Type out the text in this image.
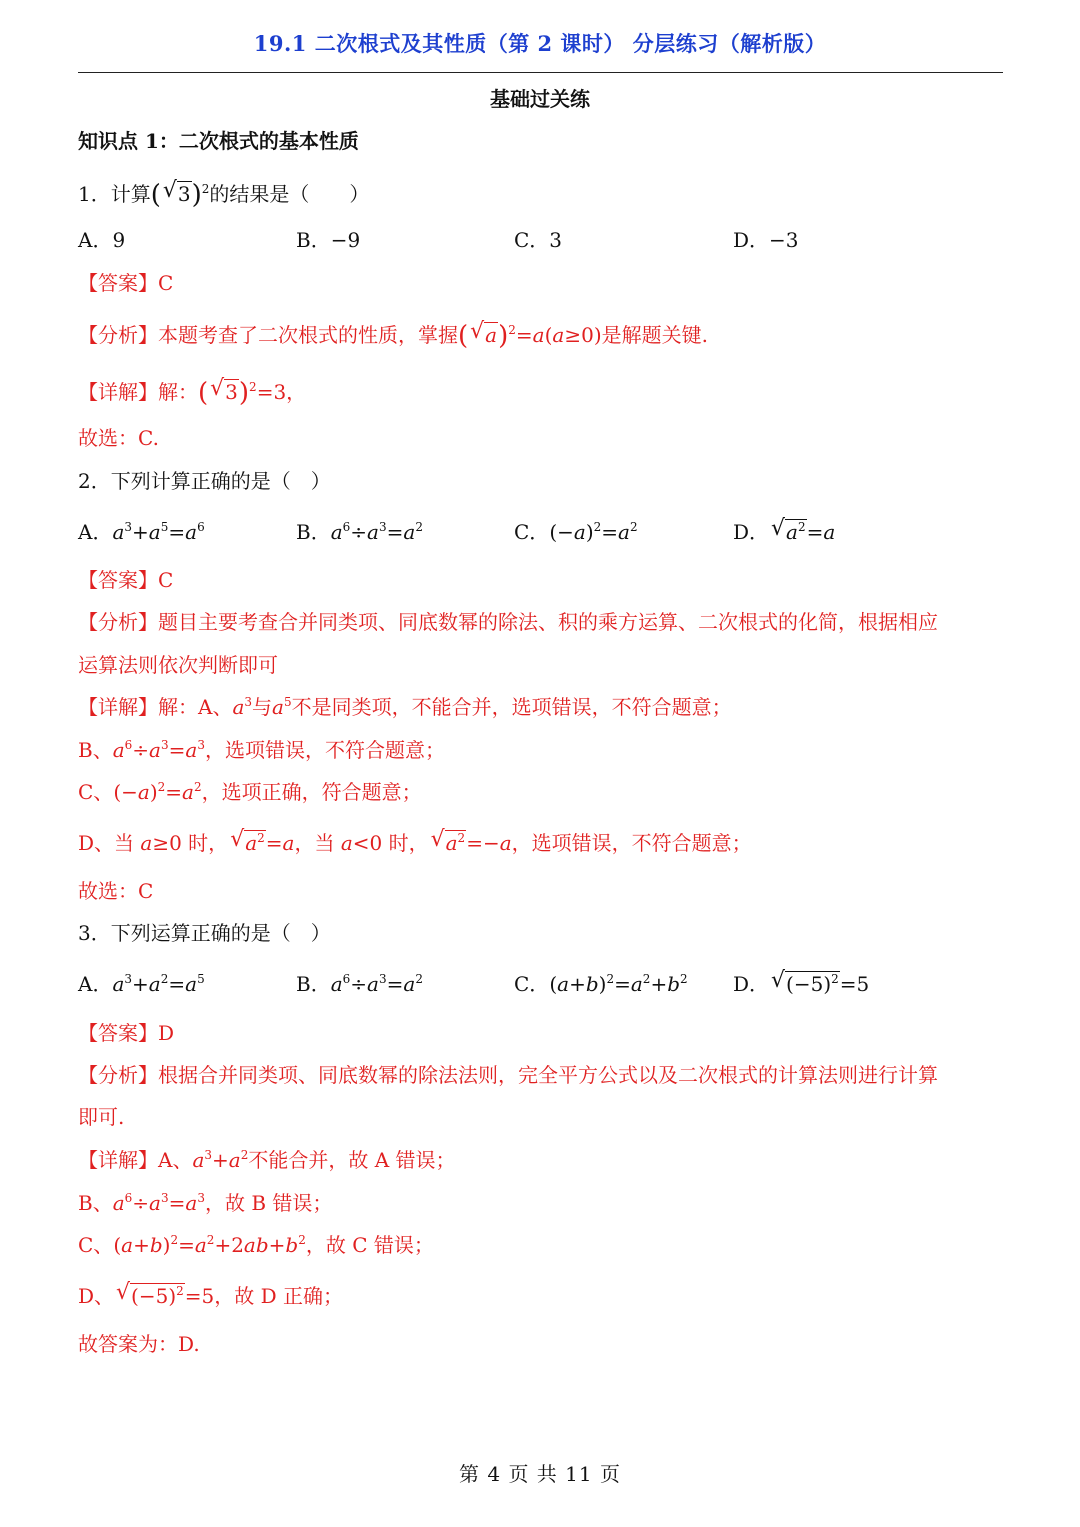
19.1 二次根式及其性质（第 2 课时） 分层练习（解析版）
基础过关练
知识点 1：二次根式的基本性质
1．计算( √ 3)$^2$的结果是（　　）
A．9	B．−9	C．3	D．−3
【答案】C
【分析】本题考查了二次根式的性质，掌握( √ a)$^2$=a(a≥0)是解题关键.
【详解】解：( √ 3)$^2$=3，
故选：C.
2．下列计算正确的是（　）
A．$a^3+a^5=a^6$	B．$a^6\div a^3=a^2$	C．$(-a)^2=a^2$	D． √ $a^2=a$
【答案】C
【分析】题目主要考查合并同类项、同底数幂的除法、积的乘方运算、二次根式的化简，根据相应
运算法则依次判断即可
【详解】解：A、$a^3$与$a^5$不是同类项，不能合并，选项错误，不符合题意；
B、$a^6\div a^3=a^3$，选项错误，不符合题意；
C、$(-a)^2=a^2$，选项正确，符合题意；
D、当 a≥0 时， √ $a^2=a$，当 a<0 时， √ $a^2=-a$，选项错误，不符合题意；
故选：C
3．下列运算正确的是（　）
A．$a^3+a^2=a^5$	B．$a^6\div a^3=a^2$	C．$(a+b)^2=a^2+b^2$ D． √ $(-5)^2=5$
【答案】D
【分析】根据合并同类项、同底数幂的除法法则，完全平方公式以及二次根式的计算法则进行计算
即可.
【详解】A、$a^3+a^2$不能合并，故 A 错误；
B、$a^6\div a^3=a^3$，故 B 错误；
C、$(a+b)^2=a^2+2ab+b^2$，故 C 错误；
D、 √ $(-5)^2=5$，故 D 正确；
故答案为：D.
第 4 页 共 11 页
